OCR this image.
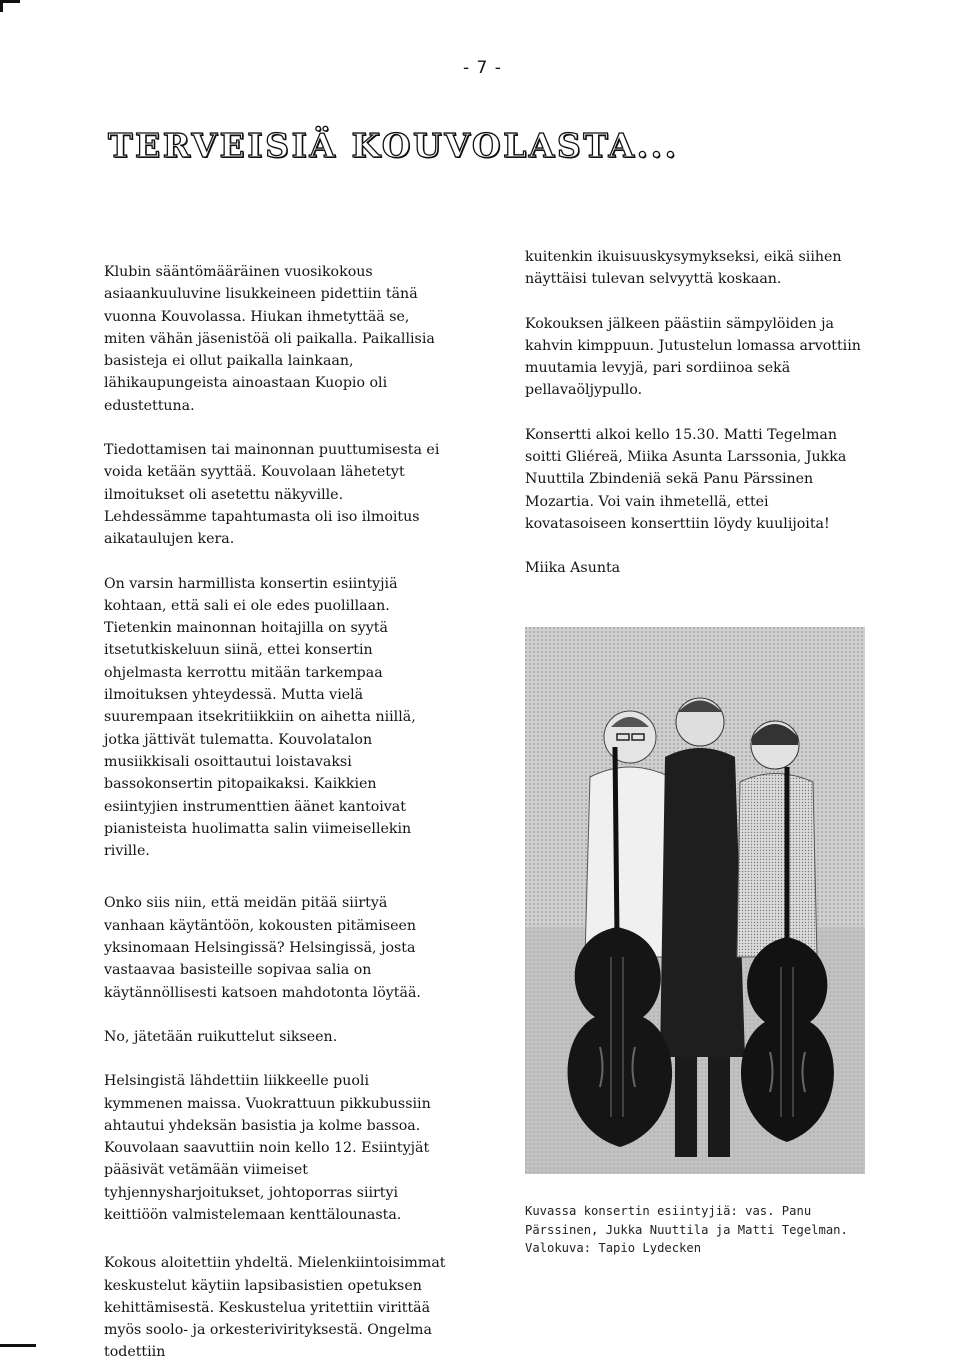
- 7 -
TERVEISIÄ KOUVOLASTA...

Klubin sääntömääräinen vuosikokous asiaankuuluvine lisukkeineen pidettiin tänä vuonna Kouvolassa. Hiukan ihmetyttää se, miten vähän jäsenistöä oli paikalla. Paikallisia basisteja ei ollut paikalla lainkaan, lähikaupungeista ainoastaan Kuopio oli edustettuna.

Tiedottamisen tai mainonnan puuttumisesta ei voida ketään syyttää. Kouvolaan lähetetyt ilmoitukset oli asetettu näkyville. Lehdessämme tapahtumasta oli iso ilmoitus aikataulujen kera.

On varsin harmillista konsertin esiintyjiä kohtaan, että sali ei ole edes puolillaan. Tietenkin mainonnan hoitajilla on syytä itsetutkiskeluun siinä, ettei konsertin ohjelmasta kerrottu mitään tarkempaa ilmoituksen yhteydessä. Mutta vielä suurempaan itsekritiikkiin on aihetta niillä, jotka jättivät tulematta. Kouvolatalon musiikkisali osoittautui loistavaksi bassokonsertin pitopaikaksi. Kaikkien esiintyjien instrumenttien äänet kantoivat pianisteista huolimatta salin viimeisellekin riville.

Onko siis niin, että meidän pitää siirtyä vanhaan käytäntöön, kokousten pitämiseen yksinomaan Helsingissä? Helsingissä, josta vastaavaa basisteille sopivaa salia on käytännöllisesti katsoen mahdotonta löytää.

No, jätetään ruikuttelut sikseen.

Helsingistä lähdettiin liikkeelle puoli kymmenen maissa. Vuokrattuun pikkubussiin ahtautui yhdeksän basistia ja kolme bassoa.

Kouvolaan saavuttiin noin kello 12. Esiintyjät pääsivät vetämään viimeiset tyhjennysharjoitukset, johtoporras siirtyi keittiöön valmistelemaan kenttälounasta.

Kokous aloitettiin yhdeltä. Mielenkiintoisimmat keskustelut käytiin lapsibasistien opetuksen kehittämisestä. Keskustelua yritettiin virittää myös soolo- ja orkesterivirityksestä. Ongelma todettiin

kuitenkin ikuisuuskysymykseksi, eikä siihen näyttäisi tulevan selvyyttä koskaan.

Kokouksen jälkeen päästiin sämpylöiden ja kahvin kimppuun. Jutustelun lomassa arvottiin muutamia levyjä, pari sordiinoa sekä pellavaöljypullo.

Konsertti alkoi kello 15.30. Matti Tegelman soitti Gliéreä, Miika Asunta Larssonia, Jukka Nuuttila Zbindeniä sekä Panu Pärssinen Mozartia. Voi vain ihmetellä, ettei kovatasoiseen konserttiin löydy kuulijoita!

Miika Asunta

Kuvassa konsertin esiintyjiä: vas. Panu
Pärssinen, Jukka Nuuttila ja Matti Tegelman.
Valokuva: Tapio Lydecken
